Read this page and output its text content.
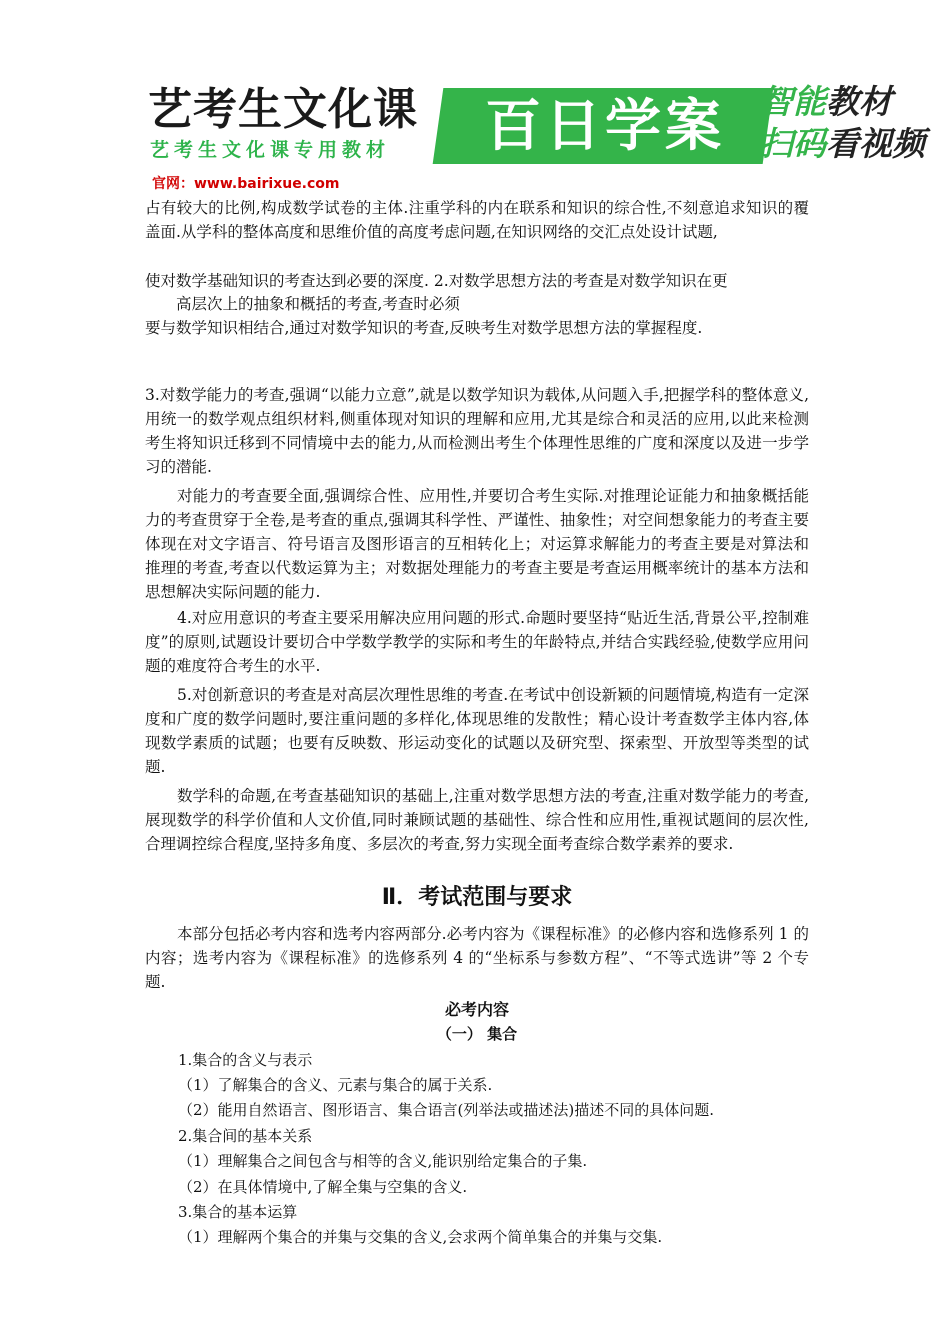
艺考生文化课
艺考生文化课专用教材	百日学案	智能教材
扫码看视频
官网：www.bairixue.com
占有较大的比例,构成数学试卷的主体.注重学科的内在联系和知识的综合性,不刻意追求知识的覆盖面.从学科的整体高度和思维价值的高度考虑问题,在知识网络的交汇点处设计试题,
使对数学基础知识的考查达到必要的深度. 2.对数学思想方法的考查是对数学知识在更
高层次上的抽象和概括的考查,考查时必须
要与数学知识相结合,通过对数学知识的考查,反映考生对数学思想方法的掌握程度.
3.对数学能力的考查,强调“以能力立意”,就是以数学知识为载体,从问题入手,把握学科的整体意义,用统一的数学观点组织材料,侧重体现对知识的理解和应用,尤其是综合和灵活的应用,以此来检测考生将知识迁移到不同情境中去的能力,从而检测出考生个体理性思维的广度和深度以及进一步学习的潜能.
对能力的考查要全面,强调综合性、应用性,并要切合考生实际.对推理论证能力和抽象概括能力的考查贯穿于全卷,是考查的重点,强调其科学性、严谨性、抽象性；对空间想象能力的考查主要体现在对文字语言、符号语言及图形语言的互相转化上；对运算求解能力的考查主要是对算法和推理的考查,考查以代数运算为主；对数据处理能力的考查主要是考查运用概率统计的基本方法和思想解决实际问题的能力.
4.对应用意识的考查主要采用解决应用问题的形式.命题时要坚持“贴近生活,背景公平,控制难度”的原则,试题设计要切合中学数学教学的实际和考生的年龄特点,并结合实践经验,使数学应用问题的难度符合考生的水平.
5.对创新意识的考查是对高层次理性思维的考查.在考试中创设新颖的问题情境,构造有一定深度和广度的数学问题时,要注重问题的多样化,体现思维的发散性；精心设计考查数学主体内容,体现数学素质的试题；也要有反映数、形运动变化的试题以及研究型、探索型、开放型等类型的试题.
数学科的命题,在考查基础知识的基础上,注重对数学思想方法的考查,注重对数学能力的考查,展现数学的科学价值和人文价值,同时兼顾试题的基础性、综合性和应用性,重视试题间的层次性,合理调控综合程度,坚持多角度、多层次的考查,努力实现全面考查综合数学素养的要求.
Ⅱ．考试范围与要求
本部分包括必考内容和选考内容两部分.必考内容为《课程标准》的必修内容和选修系列 1 的内容；选考内容为《课程标准》的选修系列 4 的“坐标系与参数方程”、“不等式选讲”等 2 个专题.
必考内容
（一） 集合
1.集合的含义与表示
（1）了解集合的含义、元素与集合的属于关系.
（2）能用自然语言、图形语言、集合语言(列举法或描述法)描述不同的具体问题.
2.集合间的基本关系
（1）理解集合之间包含与相等的含义,能识别给定集合的子集.
（2）在具体情境中,了解全集与空集的含义.
3.集合的基本运算
（1）理解两个集合的并集与交集的含义,会求两个简单集合的并集与交集.
